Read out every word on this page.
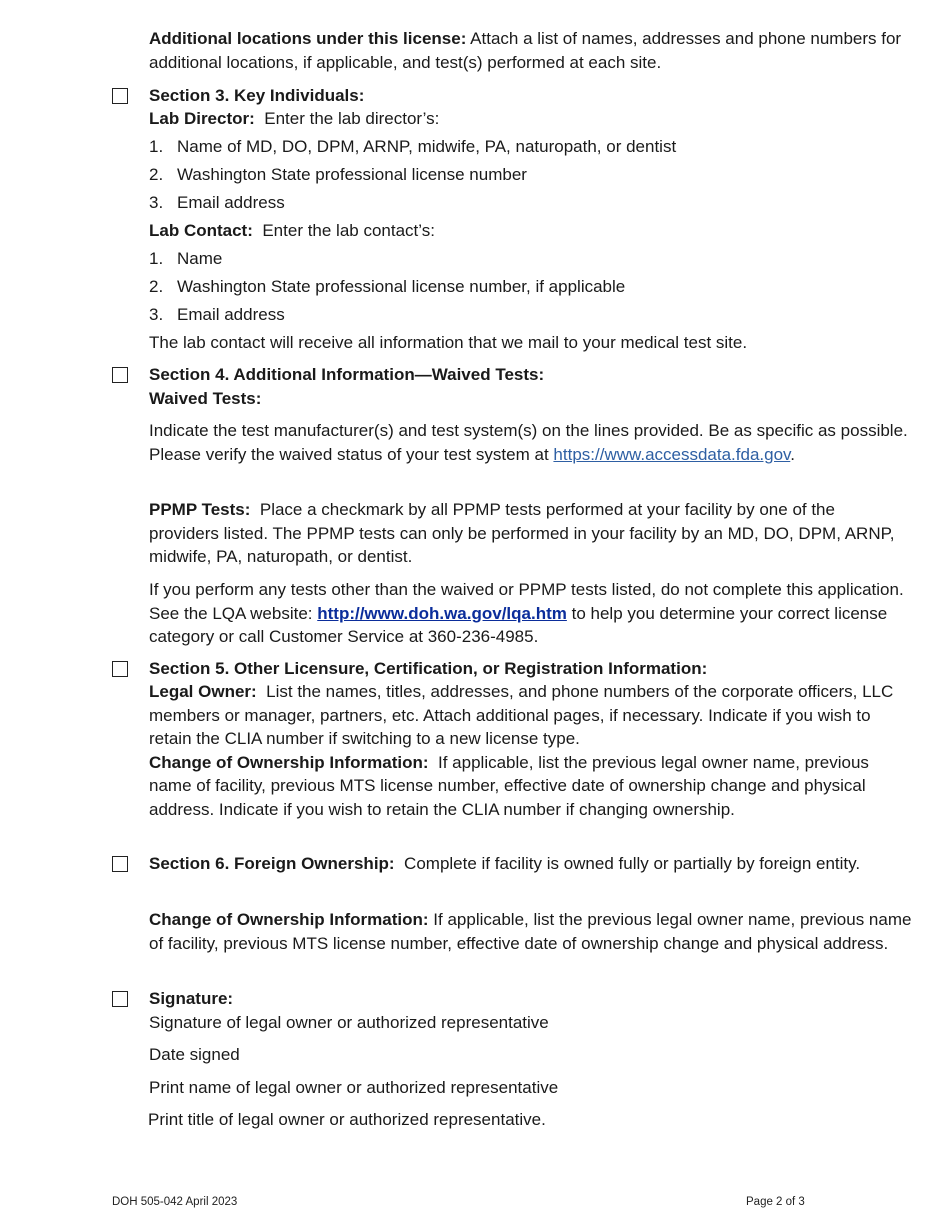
Additional locations under this license: Attach a list of names, addresses and phone numbers for additional locations, if applicable, and test(s) performed at each site.
Section 3. Key Individuals:
Lab Director: Enter the lab director’s:
1. Name of MD, DO, DPM, ARNP, midwife, PA, naturopath, or dentist
2. Washington State professional license number
3. Email address
Lab Contact: Enter the lab contact’s:
1. Name
2. Washington State professional license number, if applicable
3. Email address
The lab contact will receive all information that we mail to your medical test site.
Section 4. Additional Information—Waived Tests:
Waived Tests:
Indicate the test manufacturer(s) and test system(s) on the lines provided. Be as specific as possible. Please verify the waived status of your test system at https://www.accessdata.fda.gov.
PPMP Tests: Place a checkmark by all PPMP tests performed at your facility by one of the providers listed. The PPMP tests can only be performed in your facility by an MD, DO, DPM, ARNP, midwife, PA, naturopath, or dentist.
If you perform any tests other than the waived or PPMP tests listed, do not complete this application. See the LQA website: http://www.doh.wa.gov/lqa.htm to help you determine your correct license category or call Customer Service at 360-236-4985.
Section 5. Other Licensure, Certification, or Registration Information:
Legal Owner: List the names, titles, addresses, and phone numbers of the corporate officers, LLC members or manager, partners, etc. Attach additional pages, if necessary. Indicate if you wish to retain the CLIA number if switching to a new license type.
Change of Ownership Information: If applicable, list the previous legal owner name, previous name of facility, previous MTS license number, effective date of ownership change and physical address. Indicate if you wish to retain the CLIA number if changing ownership.
Section 6. Foreign Ownership: Complete if facility is owned fully or partially by foreign entity.
Change of Ownership Information: If applicable, list the previous legal owner name, previous name of facility, previous MTS license number, effective date of ownership change and physical address.
Signature:
Signature of legal owner or authorized representative
Date signed
Print name of legal owner or authorized representative
Print title of legal owner or authorized representative.
DOH 505-042 April 2023	Page 2 of 3
